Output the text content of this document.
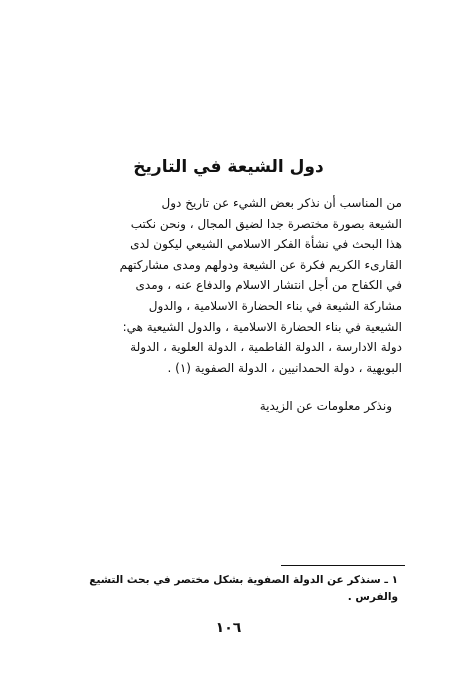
دول الشيعة في التاريخ
من المناسب أن نذكر بعض الشيء عن تاريخ دول
الشيعة بصورة مختصرة جدا لضيق المجال ، ونحن نكتب
هذا البحث في نشأة الفكر الاسلامي الشيعي ليكون لدى
القارىء الكريم فكرة عن الشيعة ودولهم ومدى مشاركتهم
في الكفاح من أجل انتشار الاسلام والدفاع عنه ، ومدى
مشاركة الشيعة في بناء الحضارة الاسلامية ، والدول
الشيعية في بناء الحضارة الاسلامية ، والدول الشيعية هي:
دولة الادارسة ، الدولة الفاطمية ، الدولة العلوية ، الدولة
البويهية ، دولة الحمدانيين ، الدولة الصفوية (١) .
ونذكر معلومات عن الزيدية
١ ـ سنذكر عن الدولة الصفوية بشكل مختصر في بحث التشيع
والفرس .
١٠٦
